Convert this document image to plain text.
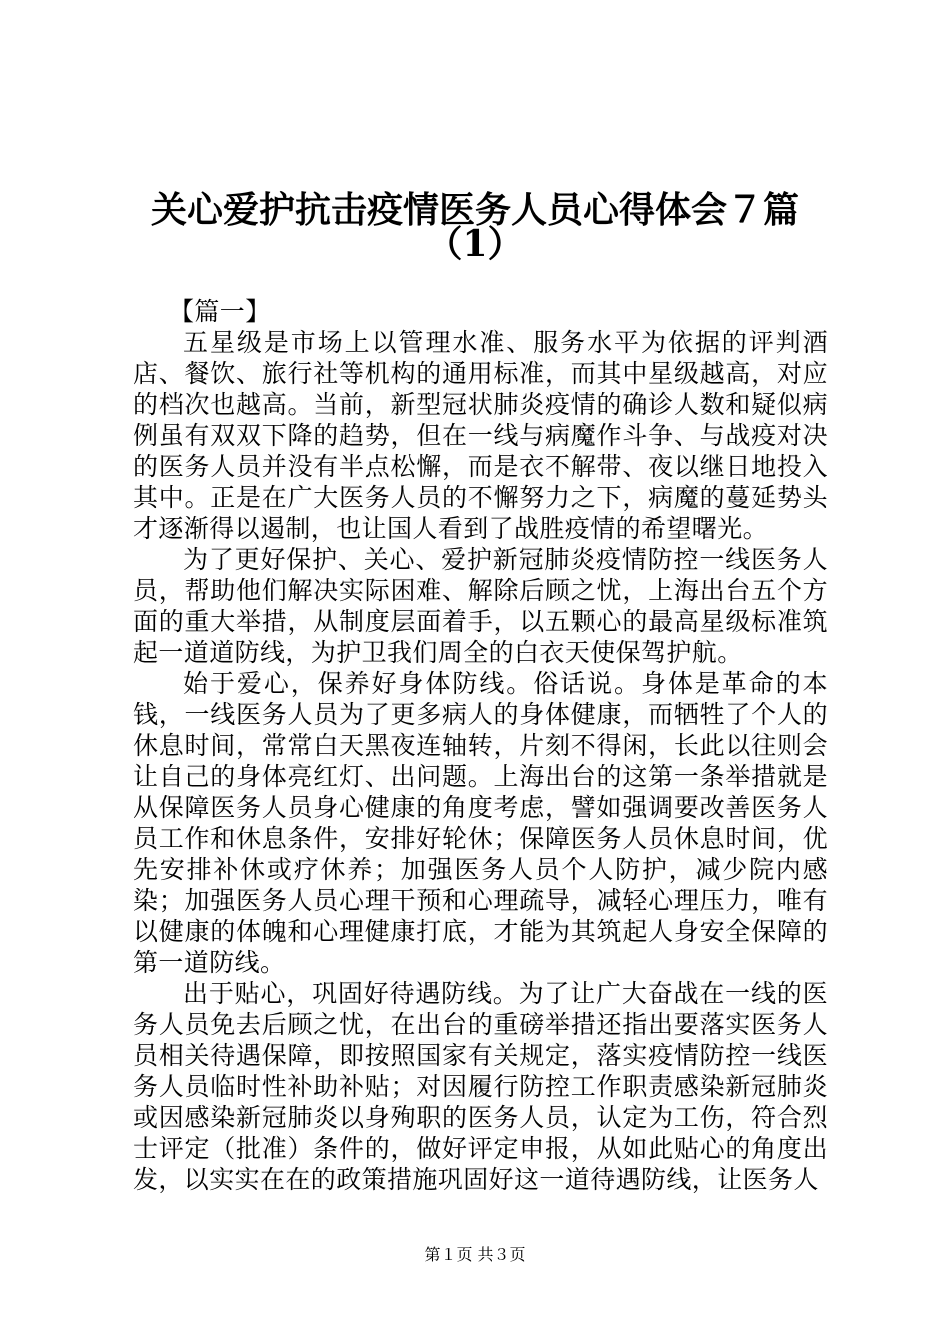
关心爱护抗击疫情医务人员心得体会７篇
（1）

【篇一】

五星级是市场上以管理水准、服务水平为依据的评判酒店、餐饮、旅行社等机构的通用标准，而其中星级越高，对应的档次也越高。当前，新型冠状肺炎疫情的确诊人数和疑似病例虽有双双下降的趋势，但在一线与病魔作斗争、与战疫对决的医务人员并没有半点松懈，而是衣不解带、夜以继日地投入其中。正是在广大医务人员的不懈努力之下，病魔的蔓延势头才逐渐得以遏制，也让国人看到了战胜疫情的希望曙光。

为了更好保护、关心、爱护新冠肺炎疫情防控一线医务人员，帮助他们解决实际困难、解除后顾之忧，上海出台五个方面的重大举措，从制度层面着手，以五颗心的最高星级标准筑起一道道防线，为护卫我们周全的白衣天使保驾护航。

始于爱心，保养好身体防线。俗话说。身体是革命的本钱，一线医务人员为了更多病人的身体健康，而牺牲了个人的休息时间，常常白天黑夜连轴转，片刻不得闲，长此以往则会让自己的身体亮红灯、出问题。上海出台的这第一条举措就是从保障医务人员身心健康的角度考虑，譬如强调要改善医务人员工作和休息条件，安排好轮休；保障医务人员休息时间，优先安排补休或疗休养；加强医务人员个人防护，减少院内感染；加强医务人员心理干预和心理疏导，减轻心理压力，唯有以健康的体魄和心理健康打底，才能为其筑起人身安全保障的第一道防线。

出于贴心，巩固好待遇防线。为了让广大奋战在一线的医务人员免去后顾之忧，在出台的重磅举措还指出要落实医务人员相关待遇保障，即按照国家有关规定，落实疫情防控一线医务人员临时性补助补贴；对因履行防控工作职责感染新冠肺炎或因感染新冠肺炎以身殉职的医务人员，认定为工伤，符合烈士评定（批准）条件的，做好评定申报，从如此贴心的角度出发，以实实在在的政策措施巩固好这一道待遇防线，让医务人

第１页 共３页
